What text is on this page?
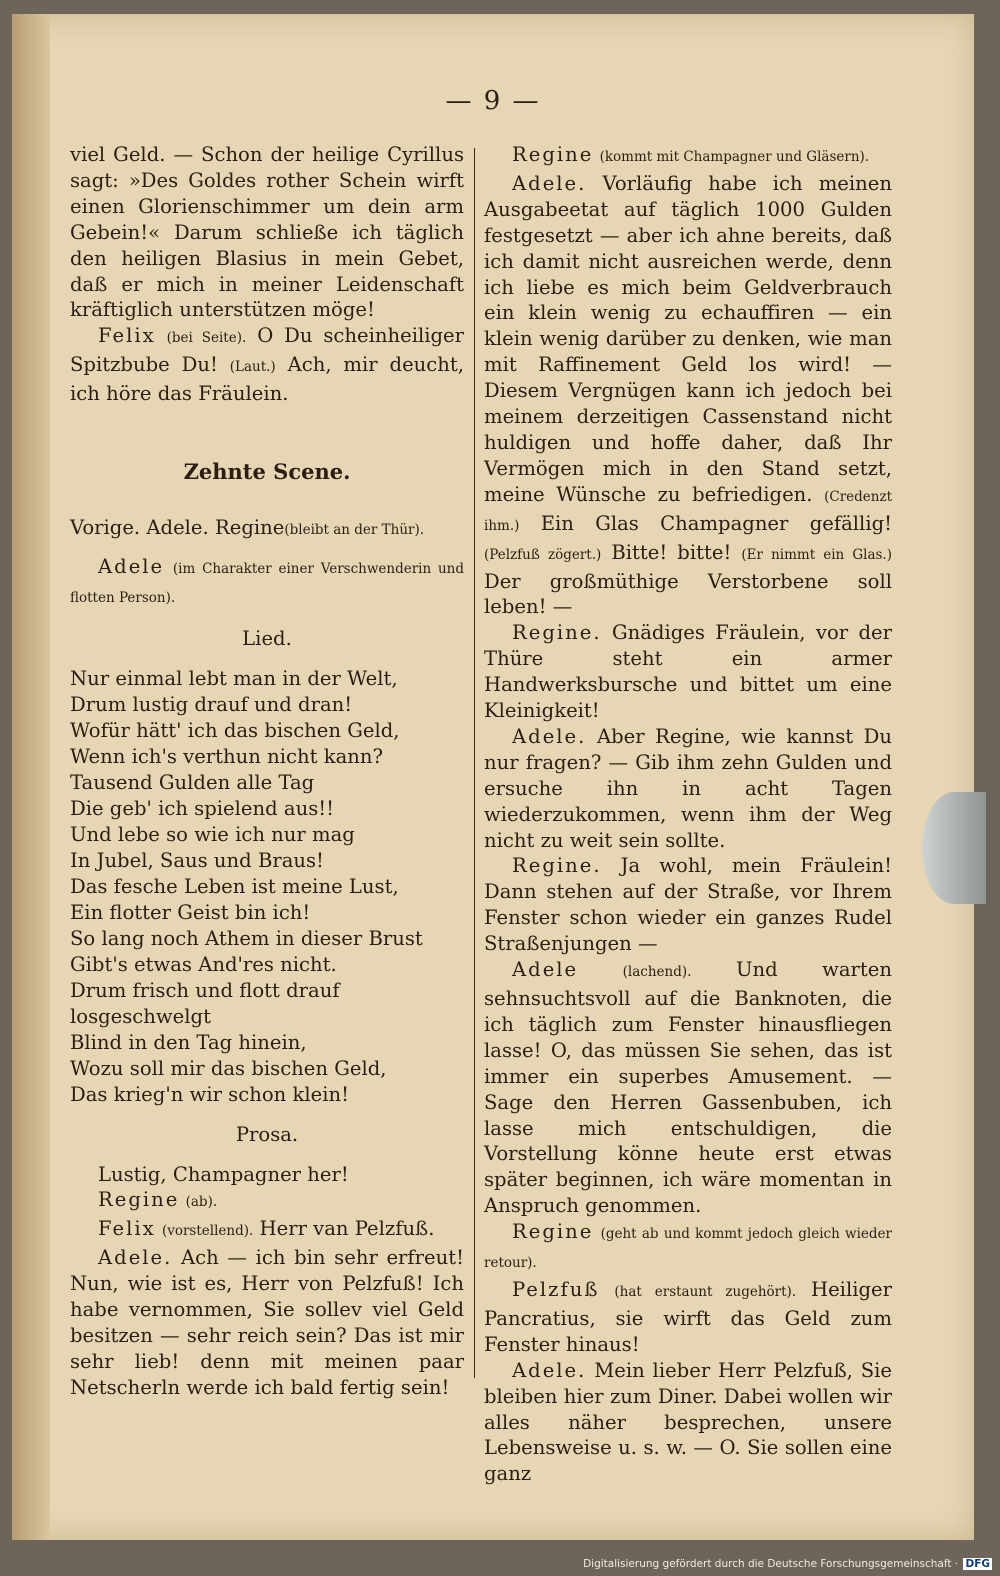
— 9 —

viel Geld. — Schon der heilige Cyrillus sagt: »Des Goldes rother Schein wirft einen Glorienschimmer um dein arm Gebein!« Darum schließe ich täglich den heiligen Blasius in mein Gebet, daß er mich in meiner Leidenschaft kräftiglich unterstützen möge!

Felix (bei Seite). O Du scheinheiliger Spitzbube Du! (Laut.) Ach, mir deucht, ich höre das Fräulein.

Zehnte Scene.

Vorige. Adele. Regine(bleibt an der Thür).

Adele (im Charakter einer Verschwenderin und flotten Person).

Lied.

Nur einmal lebt man in der Welt,

Drum lustig drauf und dran!

Wofür hätt' ich das bischen Geld,

Wenn ich's verthun nicht kann?

Tausend Gulden alle Tag

Die geb' ich spielend aus!!

Und lebe so wie ich nur mag

In Jubel, Saus und Braus!

Das fesche Leben ist meine Lust,

Ein flotter Geist bin ich!

So lang noch Athem in dieser Brust

Gibt's etwas And'res nicht.

Drum frisch und flott drauf losgeschwelgt

Blind in den Tag hinein,

Wozu soll mir das bischen Geld,

Das krieg'n wir schon klein!

Prosa.

Lustig, Champagner her!

Regine (ab).

Felix (vorstellend). Herr van Pelzfuß.

Adele. Ach — ich bin sehr erfreut! Nun, wie ist es, Herr von Pelzfuß! Ich habe vernommen, Sie sollev viel Geld besitzen — sehr reich sein? Das ist mir sehr lieb! denn mit meinen paar Netscherln werde ich bald fertig sein!

Regine (kommt mit Champagner und Gläsern).

Adele. Vorläufig habe ich meinen Ausgabeetat auf täglich 1000 Gulden festgesetzt — aber ich ahne bereits, daß ich damit nicht ausreichen werde, denn ich liebe es mich beim Geldverbrauch ein klein wenig zu echauffiren — ein klein wenig darüber zu denken, wie man mit Raffinement Geld los wird! — Diesem Vergnügen kann ich jedoch bei meinem derzeitigen Cassenstand nicht huldigen und hoffe daher, daß Ihr Vermögen mich in den Stand setzt, meine Wünsche zu befriedigen. (Credenzt ihm.) Ein Glas Champagner gefällig! (Pelzfuß zögert.) Bitte! bitte! (Er nimmt ein Glas.) Der großmüthige Verstorbene soll leben! —

Regine. Gnädiges Fräulein, vor der Thüre steht ein armer Handwerksbursche und bittet um eine Kleinigkeit!

Adele. Aber Regine, wie kannst Du nur fragen? — Gib ihm zehn Gulden und ersuche ihn in acht Tagen wiederzukommen, wenn ihm der Weg nicht zu weit sein sollte.

Regine. Ja wohl, mein Fräulein! Dann stehen auf der Straße, vor Ihrem Fenster schon wieder ein ganzes Rudel Straßenjungen —

Adele	(lachend). Und warten sehnsuchtsvoll auf die Banknoten, die ich täglich zum Fenster hinausfliegen lasse! O, das müssen Sie sehen, das ist immer ein superbes Amusement. — Sage den Herren Gassenbuben, ich lasse mich entschuldigen, die Vorstellung könne heute erst etwas später beginnen, ich wäre momentan in Anspruch genommen.

Regine (geht ab und kommt jedoch gleich wieder retour).

Pelzfuß (hat erstaunt zugehört). Heiliger Pancratius, sie wirft das Geld zum Fenster hinaus!

Adele. Mein lieber Herr Pelzfuß, Sie bleiben hier zum Diner. Dabei wollen wir alles näher besprechen, unsere Lebensweise u. s. w. — O. Sie sollen eine ganz

Digitalisierung gefördert durch die Deutsche Forschungsgemeinschaft · DFG
